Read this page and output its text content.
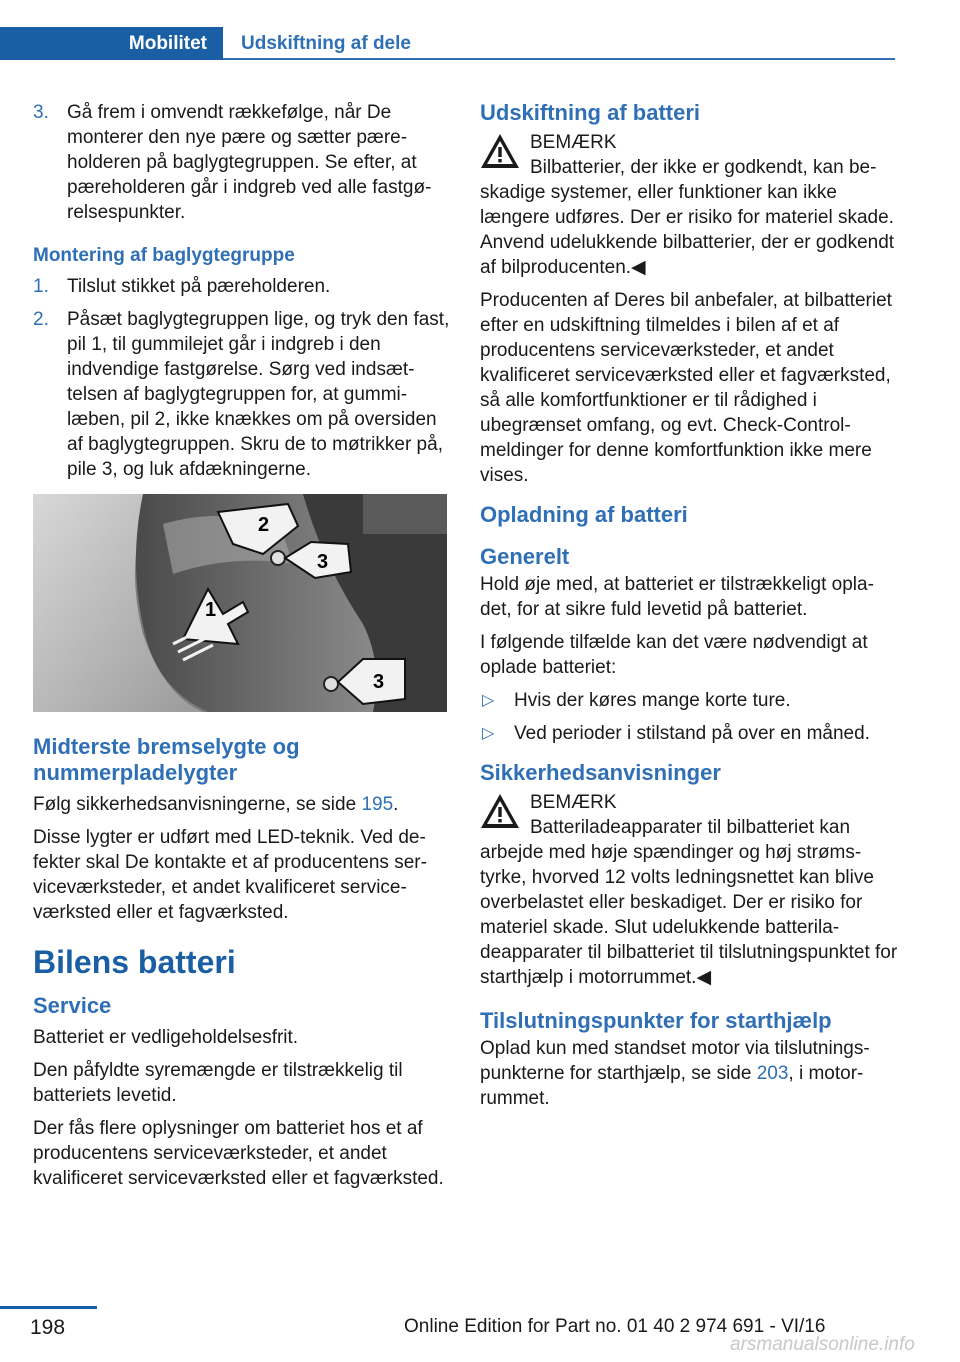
Mobilitet	Udskiftning af dele
3. Gå frem i omvendt rækkefølge, når De monterer den nye pære og sætter pæreholderen på baglygtegruppen. Se efter, at pæreholderen går i indgreb ved alle fastgørelsespunkter.
Montering af baglygtegruppe
1. Tilslut stikket på pæreholderen.
2. Påsæt baglygtegruppen lige, og tryk den fast, pil 1, til gummilejet går i indgreb i den indvendige fastgørelse. Sørg ved indsættelsen af baglygtegruppen for, at gummilæben, pil 2, ikke knækkes om på oversiden af baglygtegruppen. Skru de to møtrikker på, pile 3, og luk afdækningerne.
1
2
3
3
Midterste bremselygte og nummerpladelygter

Følg sikkerhedsanvisningerne, se side 195.

Disse lygter er udført med LED-teknik. Ved defekter skal De kontakte et af producentens serviceværksteder, et andet kvalificeret serviceværksted eller et fagværksted.

Bilens batteri
Service

Batteriet er vedligeholdelsesfrit.

Den påfyldte syremængde er tilstrækkelig til batteriets levetid.

Der fås flere oplysninger om batteriet hos et af producentens serviceværksteder, et andet kvalificeret serviceværksted eller et fagværksted.

Udskiftning af batteri
BEMÆRK

Bilbatterier, der ikke er godkendt, kan beskadige systemer, eller funktioner kan ikke længere udføres. Der er risiko for materiel skade. Anvend udelukkende bilbatterier, der er godkendt af bilproducenten.◀

Producenten af Deres bil anbefaler, at bilbatteriet efter en udskiftning tilmeldes i bilen af et af producentens serviceværksteder, et andet kvalificeret serviceværksted eller et fagværksted, så alle komfortfunktioner er til rådighed i ubegrænset omfang, og evt. Check-Control-meldinger for denne komfortfunktion ikke mere vises.

Opladning af batteri
Generelt

Hold øje med, at batteriet er tilstrækkeligt opladet, for at sikre fuld levetid på batteriet.

I følgende tilfælde kan det være nødvendigt at oplade batteriet:

▷ Hvis der køres mange korte ture.
▷ Ved perioder i stilstand på over en måned.
Sikkerhedsanvisninger
BEMÆRK

Batteriladeapparater til bilbatteriet kan arbejde med høje spændinger og høj strømstyrke, hvorved 12 volts ledningsnettet kan blive overbelastet eller beskadiget. Der er risiko for materiel skade. Slut udelukkende batteriladeapparater til bilbatteriet til tilslutningspunktet for starthjælp i motorrummet.◀

Tilslutningspunkter for starthjælp

Oplad kun med standset motor via tilslutningspunkterne for starthjælp, se side 203, i motorrummet.

198	Online Edition for Part no. 01 40 2 974 691 - VI/16
arsmanualsonline.info
